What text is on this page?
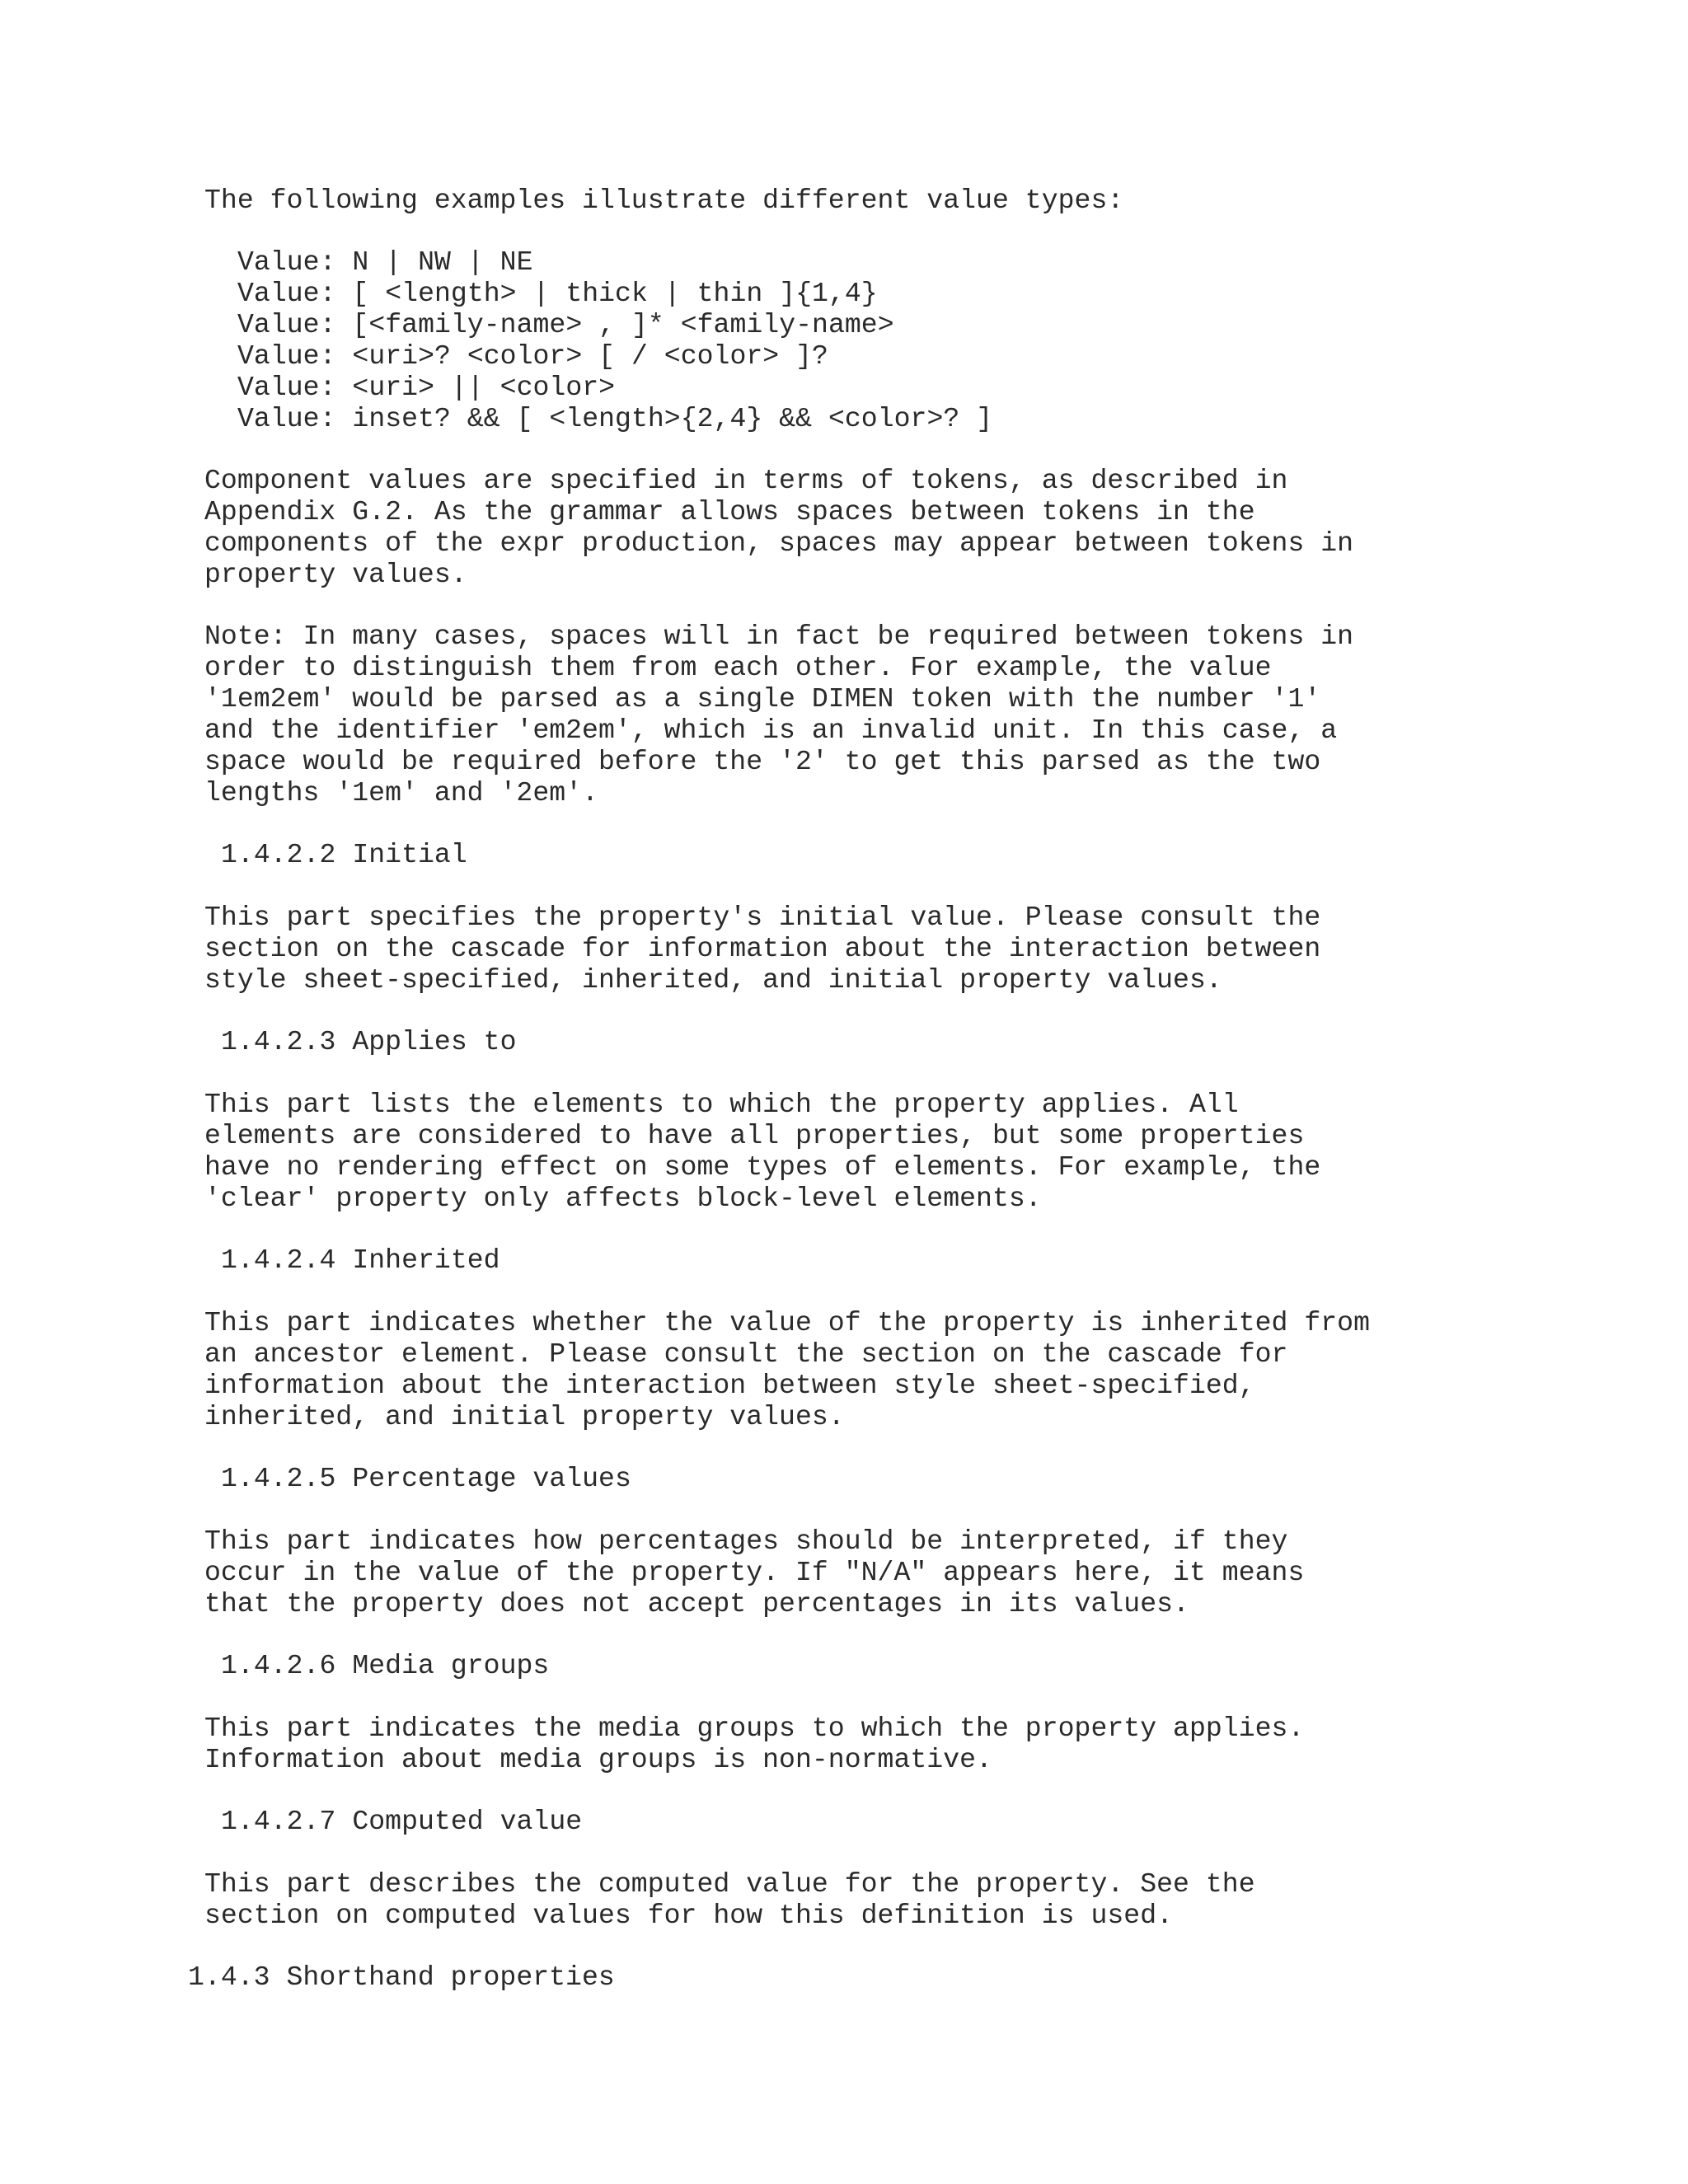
The following examples illustrate different value types:
Value: N | NW | NE
Value: [ <length> | thick | thin ]{1,4}
Value: [<family-name> , ]* <family-name>
Value: <uri>? <color> [ / <color> ]?
Value: <uri> || <color>
Value: inset? && [ <length>{2,4} && <color>? ]
Component values are specified in terms of tokens, as described in
Appendix G.2. As the grammar allows spaces between tokens in the
components of the expr production, spaces may appear between tokens in
property values.
Note: In many cases, spaces will in fact be required between tokens in
order to distinguish them from each other. For example, the value
'1em2em' would be parsed as a single DIMEN token with the number '1'
and the identifier 'em2em', which is an invalid unit. In this case, a
space would be required before the '2' to get this parsed as the two
lengths '1em' and '2em'.
1.4.2.2 Initial
This part specifies the property's initial value. Please consult the
section on the cascade for information about the interaction between
style sheet-specified, inherited, and initial property values.
1.4.2.3 Applies to
This part lists the elements to which the property applies. All
elements are considered to have all properties, but some properties
have no rendering effect on some types of elements. For example, the
'clear' property only affects block-level elements.
1.4.2.4 Inherited
This part indicates whether the value of the property is inherited from
an ancestor element. Please consult the section on the cascade for
information about the interaction between style sheet-specified,
inherited, and initial property values.
1.4.2.5 Percentage values
This part indicates how percentages should be interpreted, if they
occur in the value of the property. If "N/A" appears here, it means
that the property does not accept percentages in its values.
1.4.2.6 Media groups
This part indicates the media groups to which the property applies.
Information about media groups is non-normative.
1.4.2.7 Computed value
This part describes the computed value for the property. See the
section on computed values for how this definition is used.
1.4.3 Shorthand properties
